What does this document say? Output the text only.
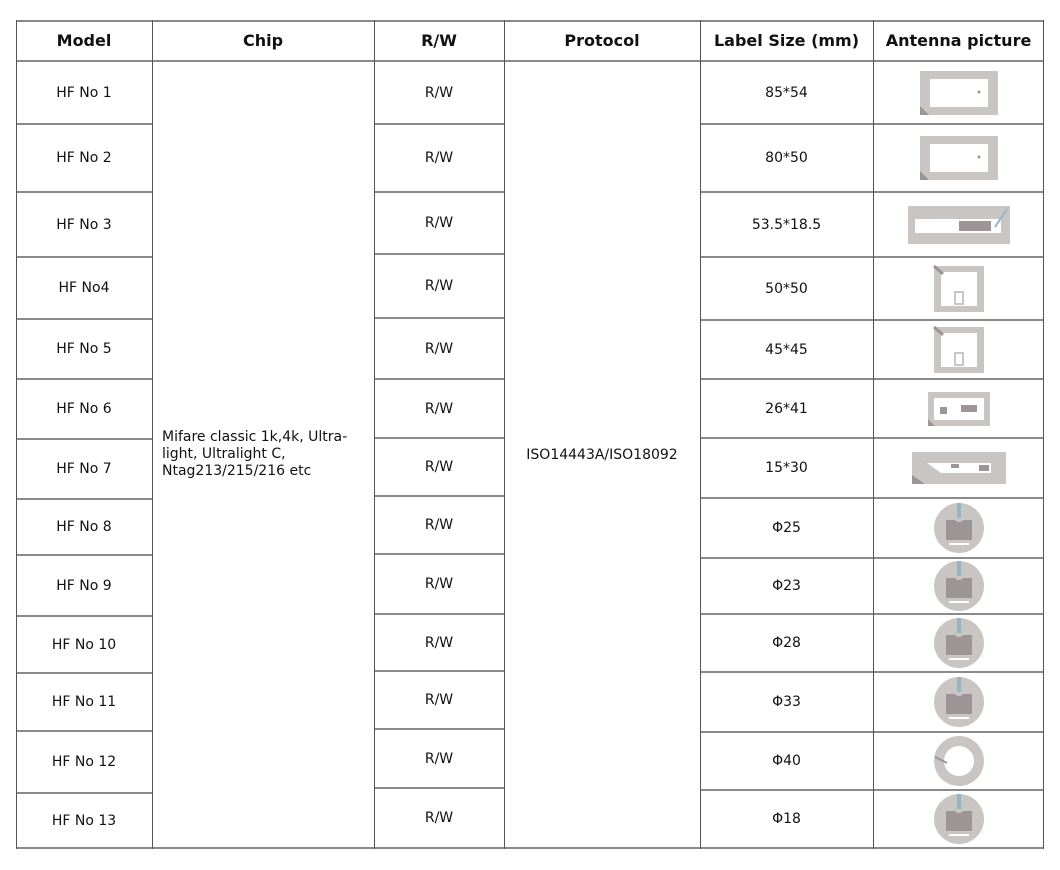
Model	Chip	R/W	Protocol	Label Size (mm)	Antenna picture
Mifare classic 1k,4k, Ultra-light, Ultralight C, Ntag213/215/216 etc
ISO14443A/ISO18092
HF No 1	R/W	85*54
HF No 2	R/W	80*50
HF No 3	R/W	53.5*18.5
HF No4	R/W	50*50
HF No 5	R/W	45*45
HF No 6	R/W	26*41
HF No 7	R/W	15*30
HF No 8	R/W	Φ25
HF No 9	R/W	Φ23
HF No 10	R/W	Φ28
HF No 11	R/W	Φ33
HF No 12	R/W	Φ40
HF No 13	R/W	Φ18
